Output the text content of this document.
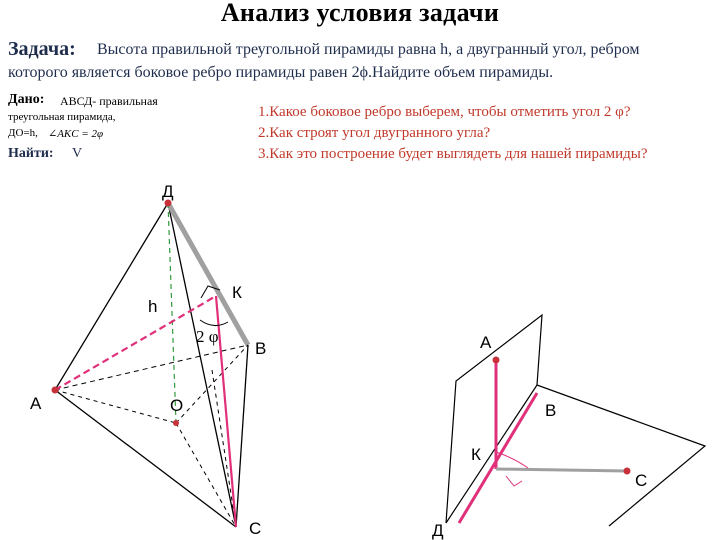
Анализ условия задачи
Задача: Высота правильной треугольной пирамиды равна h, а двугранный угол, ребром
которого является боковое ребро пирамиды равен 2ϕ.Найдите объем пирамиды.
Дано: АВСД- правильная
треугольная пирамида,
ДО=h, ∠AKC = 2φ
Найти: V
1.Какое боковое ребро выберем, чтобы отметить угол 2 φ?
2.Как строят угол двугранного угла?
3.Как это построение будет выглядеть для нашей пирамиды?
Д
К
h
2 φ
В
А	О
С
А
В
К
С
Д
